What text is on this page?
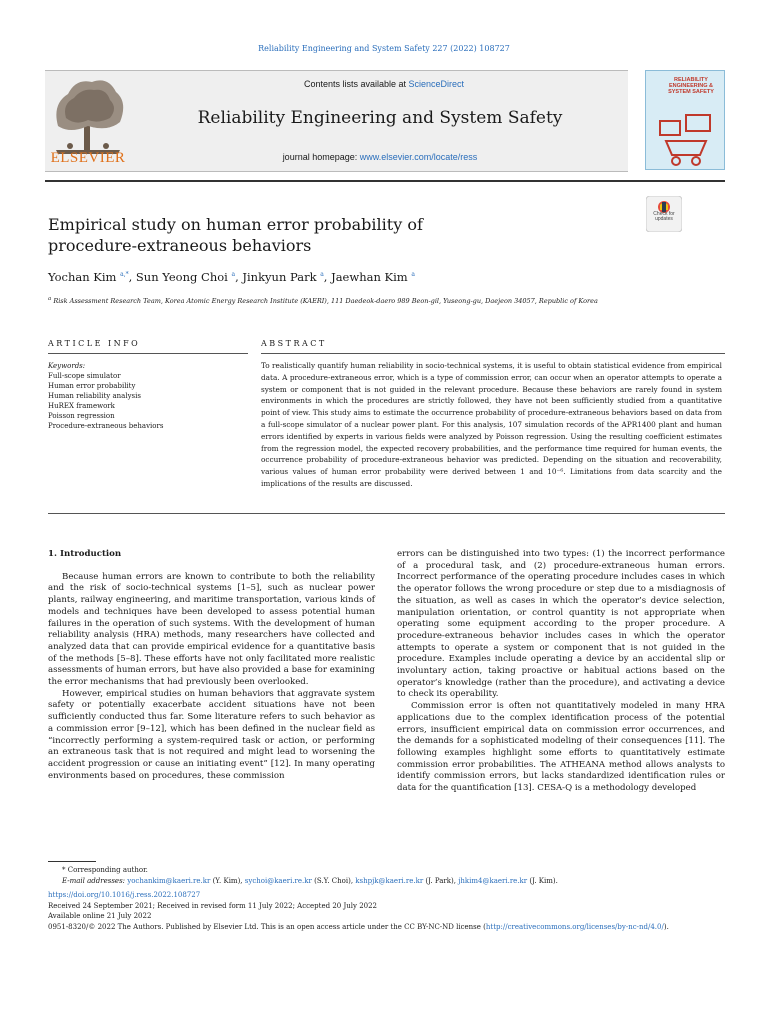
Reliability Engineering and System Safety 227 (2022) 108727
Contents lists available at ScienceDirect
Reliability Engineering and System Safety
journal homepage: www.elsevier.com/locate/ress
ELSEVIER
RELIABILITY ENGINEERING & SYSTEM SAFETY
Empirical study on human error probability of
procedure-extraneous behaviors
Check for updates
Yochan Kim $^{a,*}$, Sun Yeong Choi $^a$, Jinkyun Park $^a$, Jaewhan Kim $^a$
$^a$ Risk Assessment Research Team, Korea Atomic Energy Research Institute (KAERI), 111 Daedeok-daero 989 Beon-gil, Yuseong-gu, Daejeon 34057, Republic of Korea
ARTICLE INFO	ABSTRACT
Keywords:
Full-scope simulator
Human error probability
Human reliability analysis
HuREX framework
Poisson regression
Procedure-extraneous behaviors
To realistically quantify human reliability in socio-technical systems, it is useful to obtain statistical evidence from empirical data. A procedure-extraneous error, which is a type of commission error, can occur when an operator attempts to operate a system or component that is not guided in the relevant procedure. Because these behaviors are rarely found in system environments in which the procedures are strictly followed, they have not been sufficiently studied from a quantitative point of view. This study aims to estimate the occurrence probability of procedure-extraneous behaviors based on data from a full-scope simulator of a nuclear power plant. For this analysis, 107 simulation records of the APR1400 plant and human errors identified by experts in various fields were analyzed by Poisson regression. Using the resulting coefficient estimates from the regression model, the expected recovery probabilities, and the performance time required for human events, the occurrence probability of procedure-extraneous behavior was predicted. Depending on the situation and recoverability, various values of human error probability were derived between 1 and 10⁻⁶. Limitations from data scarcity and the implications of the results are discussed.
1. Introduction

Because human errors are known to contribute to both the reliability and the risk of socio-technical systems [1–5], such as nuclear power plants, railway engineering, and maritime transportation, various kinds of models and techniques have been developed to assess potential human failures in the operation of such systems. With the development of human reliability analysis (HRA) methods, many researchers have collected and analyzed data that can provide empirical evidence for a quantitative basis of the methods [5–8]. These efforts have not only facilitated more realistic assessments of human errors, but have also provided a base for examining the error mechanisms that had previously been overlooked.

However, empirical studies on human behaviors that aggravate system safety or potentially exacerbate accident situations have not been sufficiently conducted thus far. Some literature refers to such behavior as a commission error [9–12], which has been defined in the nuclear field as “incorrectly performing a system-required task or action, or performing an extraneous task that is not required and might lead to worsening the accident progression or cause an initiating event” [12]. In many operating environments based on procedures, these commission

errors can be distinguished into two types: (1) the incorrect performance of a procedural task, and (2) procedure-extraneous human errors. Incorrect performance of the operating procedure includes cases in which the operator follows the wrong procedure or step due to a misdiagnosis of the situation, as well as cases in which the operator’s device selection, manipulation orientation, or control quantity is not appropriate when operating some equipment according to the proper procedure. A procedure-extraneous behavior includes cases in which the operator attempts to operate a system or component that is not guided in the procedure. Examples include operating a device by an accidental slip or involuntary action, taking proactive or habitual actions based on the operator’s knowledge (rather than the procedure), and activating a device to check its operability.

Commission error is often not quantitatively modeled in many HRA applications due to the complex identification process of the potential errors, insufficient empirical data on commission error occurrences, and the demands for a sophisticated modeling of their consequences [11]. The following examples highlight some efforts to quantitatively estimate commission error probabilities. The ATHEANA method allows analysts to identify commission errors, but lacks standardized identification rules or data for the quantification [13]. CESA-Q is a methodology developed

* Corresponding author.
E-mail addresses: yochankim@kaeri.re.kr (Y. Kim), sychoi@kaeri.re.kr (S.Y. Choi), kshpjk@kaeri.re.kr (J. Park), jhkim4@kaeri.re.kr (J. Kim).
https://doi.org/10.1016/j.ress.2022.108727
Received 24 September 2021; Received in revised form 11 July 2022; Accepted 20 July 2022
Available online 21 July 2022
0951-8320/© 2022 The Authors. Published by Elsevier Ltd. This is an open access article under the CC BY-NC-ND license (http://creativecommons.org/licenses/by-nc-nd/4.0/).
